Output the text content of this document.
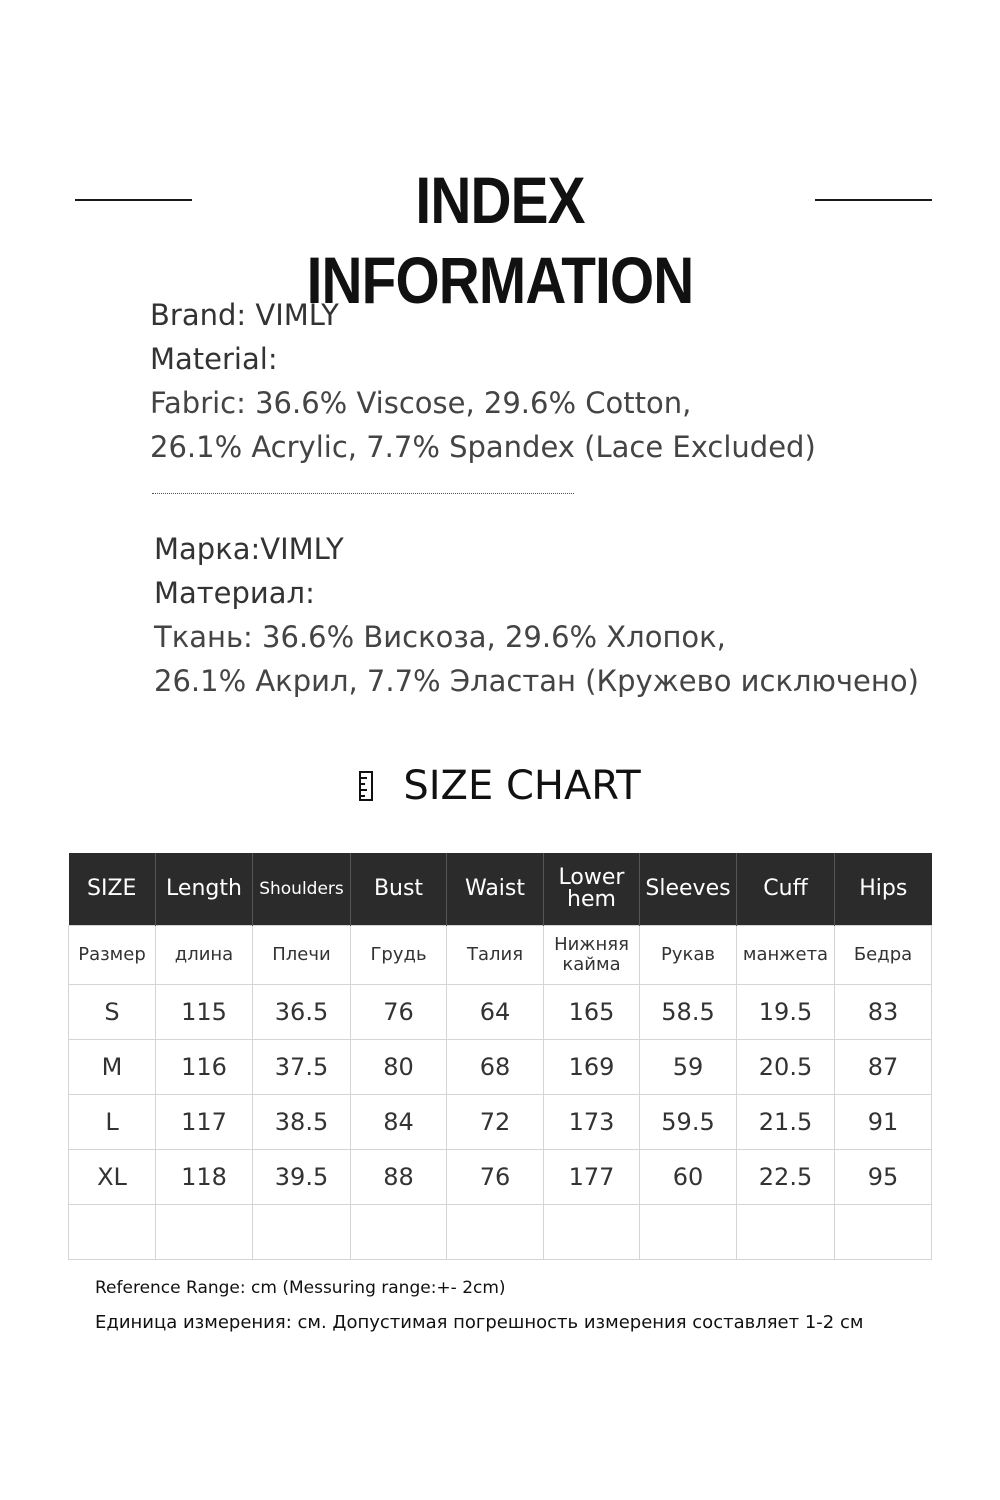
INDEX INFORMATION
Brand: VIMLY
Material:
Fabric: 36.6% Viscose, 29.6% Cotton,
26.1% Acrylic, 7.7% Spandex (Lace Excluded)
Марка:VIMLY
Материал:
Ткань: 36.6% Вискоза, 29.6% Хлопок,
26.1% Акрил, 7.7% Эластан (Кружево исключено)
SIZE CHART
SIZE	Length	Shoulders	Bust	Waist	Lower hem	Sleeves	Cuff	Hips
Размер	длина	Плечи	Грудь	Талия	Нижняя кайма	Рукав	манжета	Бедра
S	115	36.5	76	64	165	58.5	19.5	83
M	116	37.5	80	68	169	59	20.5	87
L	117	38.5	84	72	173	59.5	21.5	91
XL	118	39.5	88	76	177	60	22.5	95

Reference Range: cm (Messuring range:+- 2cm)
Единица измерения: см. Допустимая погрешность измерения составляет 1-2 см
